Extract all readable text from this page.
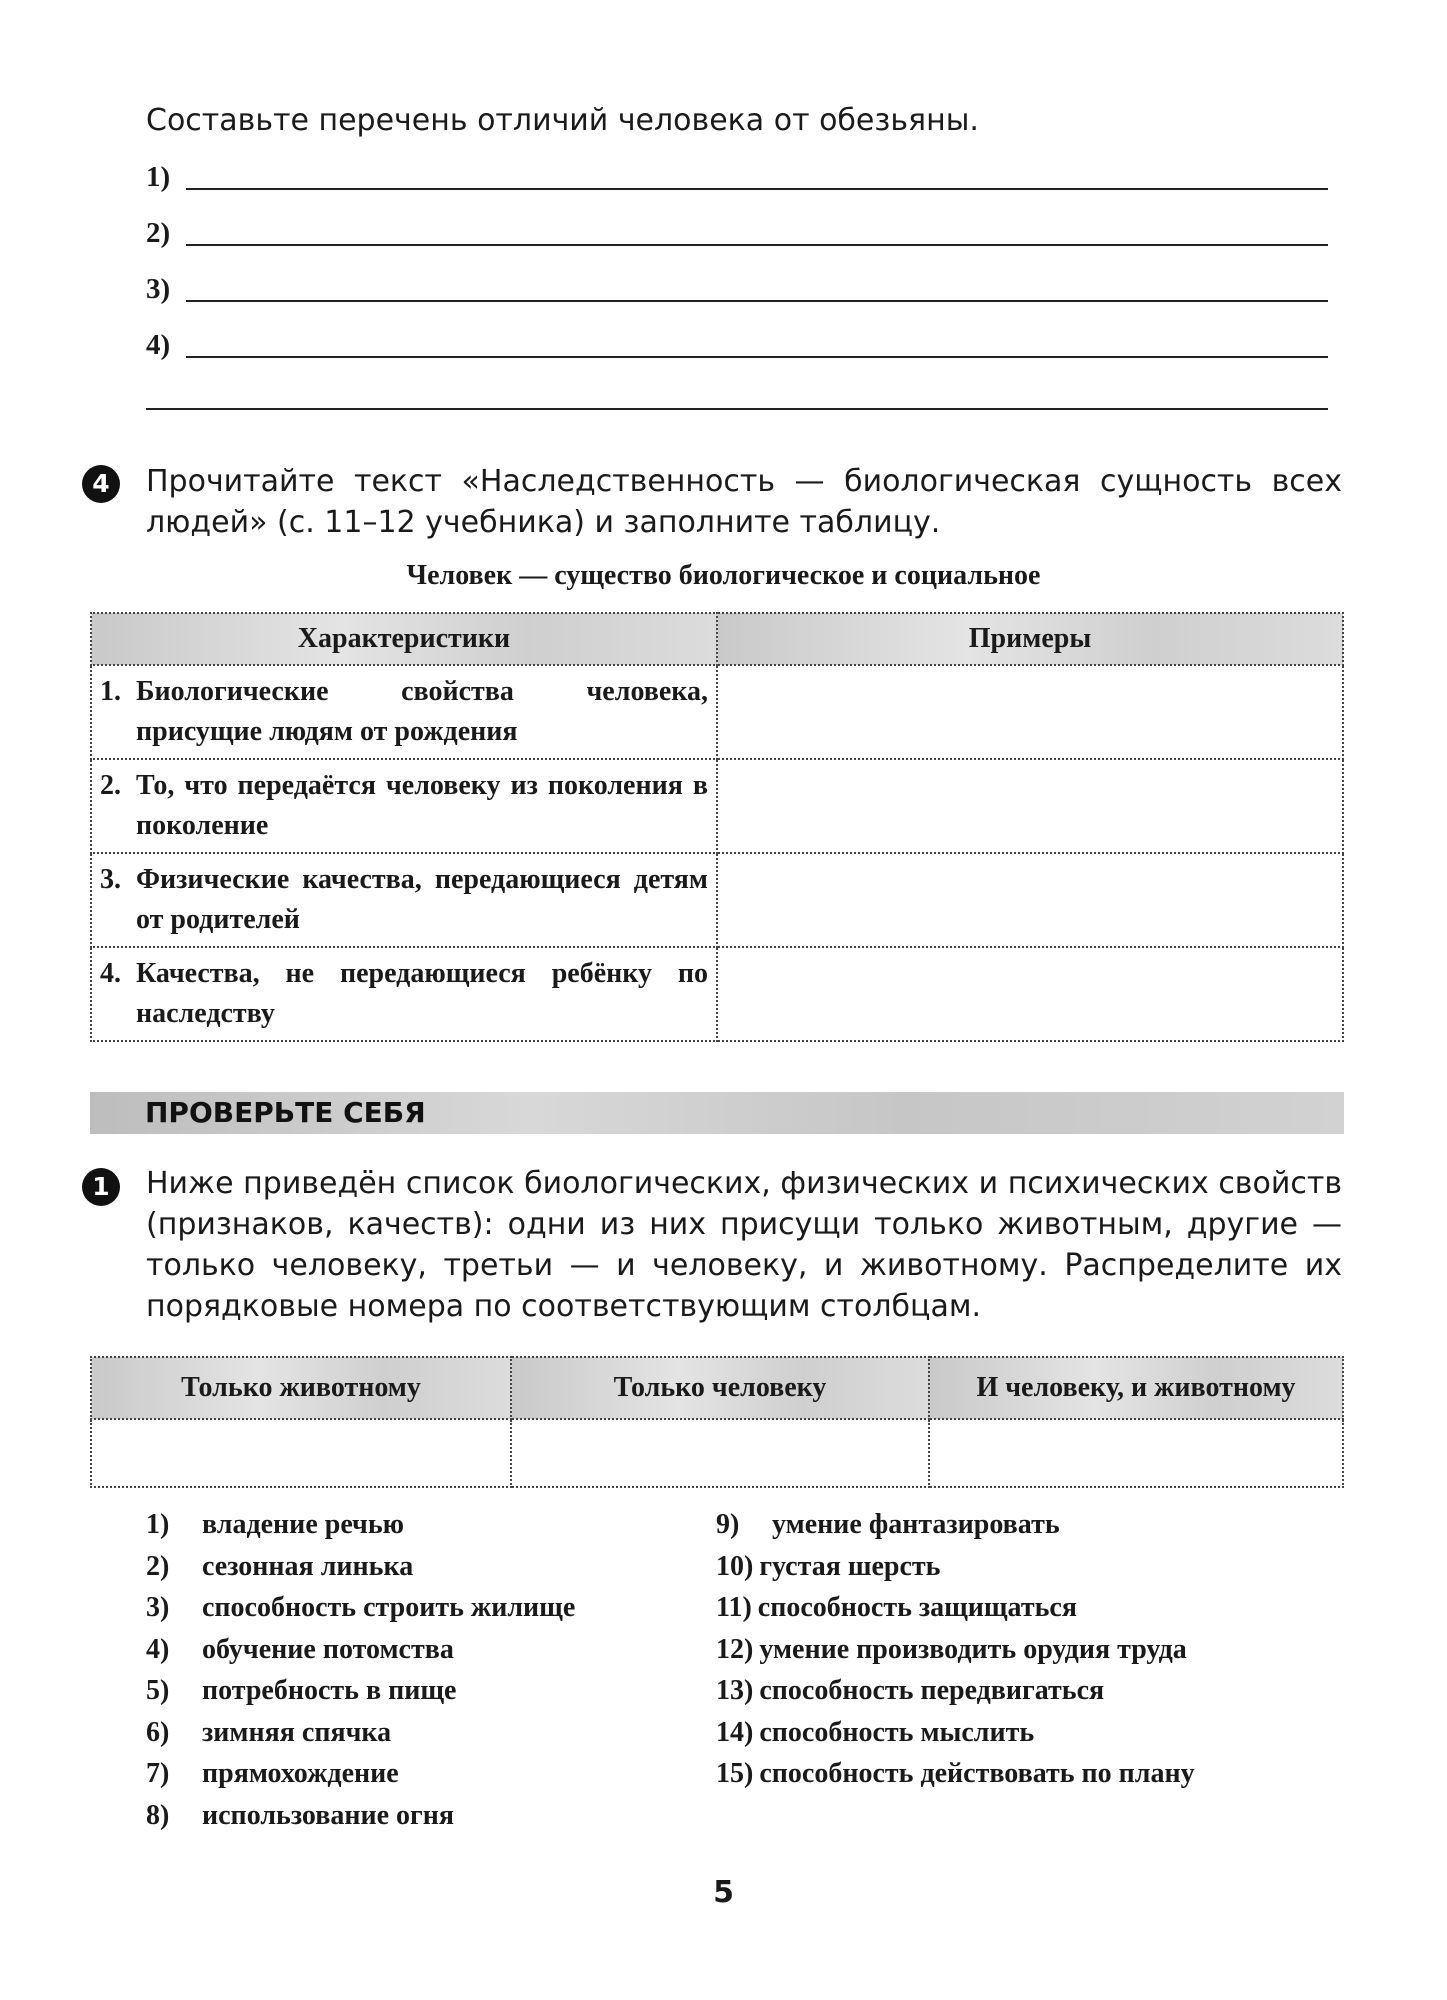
Составьте перечень отличий человека от обезьяны.
1)
2)
3)
4)
4	Прочитайте текст «Наследственность — биологическая сущность всех людей» (с. 11–12 учебника) и заполните таблицу.
Человек — существо биологическое и социальное
Характеристики	Примеры

1. Биологические свойства человека, присущие людям от рождения	

2. То, что передаётся человеку из поколения в поколение	

3. Физические качества, передающиеся детям от родителей	

4. Качества, не передающиеся ребёнку по наследству	

ПРОВЕРЬТЕ СЕБЯ
1	Ниже приведён список биологических, физических и психических свойств (признаков, качеств): одни из них присущи только животным, другие — только человеку, третьи — и человеку, и животному. Распределите их порядковые номера по соответствующим столбцам.
Только животному	Только человеку	И человеку, и животному

1)	владение речью
2)	сезонная линька
3)	способность строить жилище
4)	обучение потомства
5)	потребность в пище
6)	зимняя спячка
7)	прямохождение
8)	использование огня
9)	умение фантазировать
10) густая шерсть
11) способность защищаться
12) умение производить орудия труда
13) способность передвигаться
14) способность мыслить
15) способность действовать по плану
5
